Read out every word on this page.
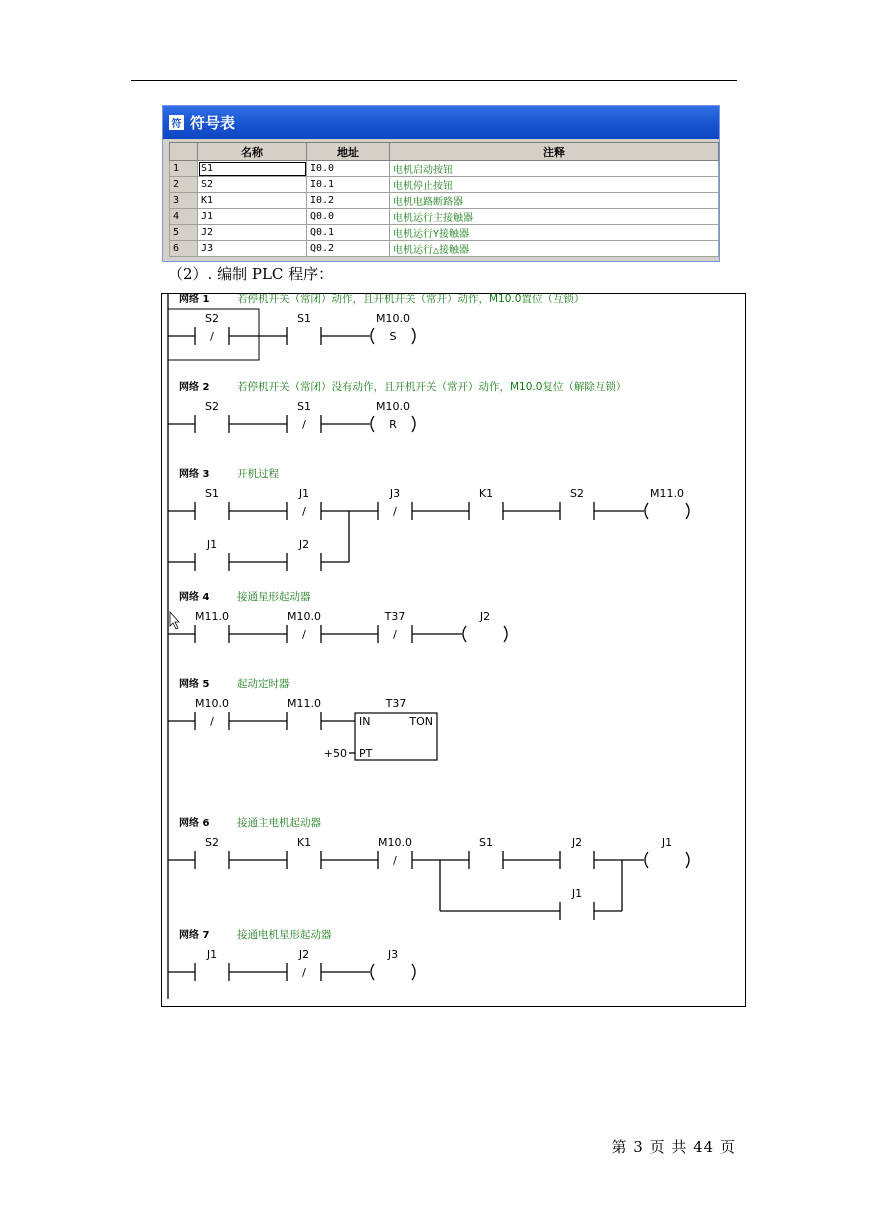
符 符号表
	名称	地址	注释
1	S1	I0.0	电机启动按钮
2	S2	I0.1	电机停止按钮
3	K1	I0.2	电机电路断路器
4	J1	Q0.0	电机运行主接触器
5	J2	Q0.1	电机运行Y接触器
6	J3	Q0.2	电机运行△接触器
（2）. 编制 PLC 程序：
网络 1	若停机开关（常闭）动作，且开机开关（常开）动作，M10.0置位（互锁）
/
S2	S1
S
M10.0
网络 2	若停机开关（常闭）没有动作，且开机开关（常开）动作，M10.0复位（解除互锁）
S2
/
S1
R
M10.0
网络 3	开机过程
S1
/
J1
/
J3	K1	S2	M11.0
J1	J2
网络 4	接通星形起动器
M11.0
/
M10.0
/
T37	J2
网络 5	起动定时器
/
M10.0	M11.0
IN	TON
PT
T37
+50
网络 6	接通主电机起动器
S2	K1
/
M10.0	S1	J2	J1
J1
网络 7	接通电机星形起动器
J1
/
J2	J3
第 3 页 共 44 页
